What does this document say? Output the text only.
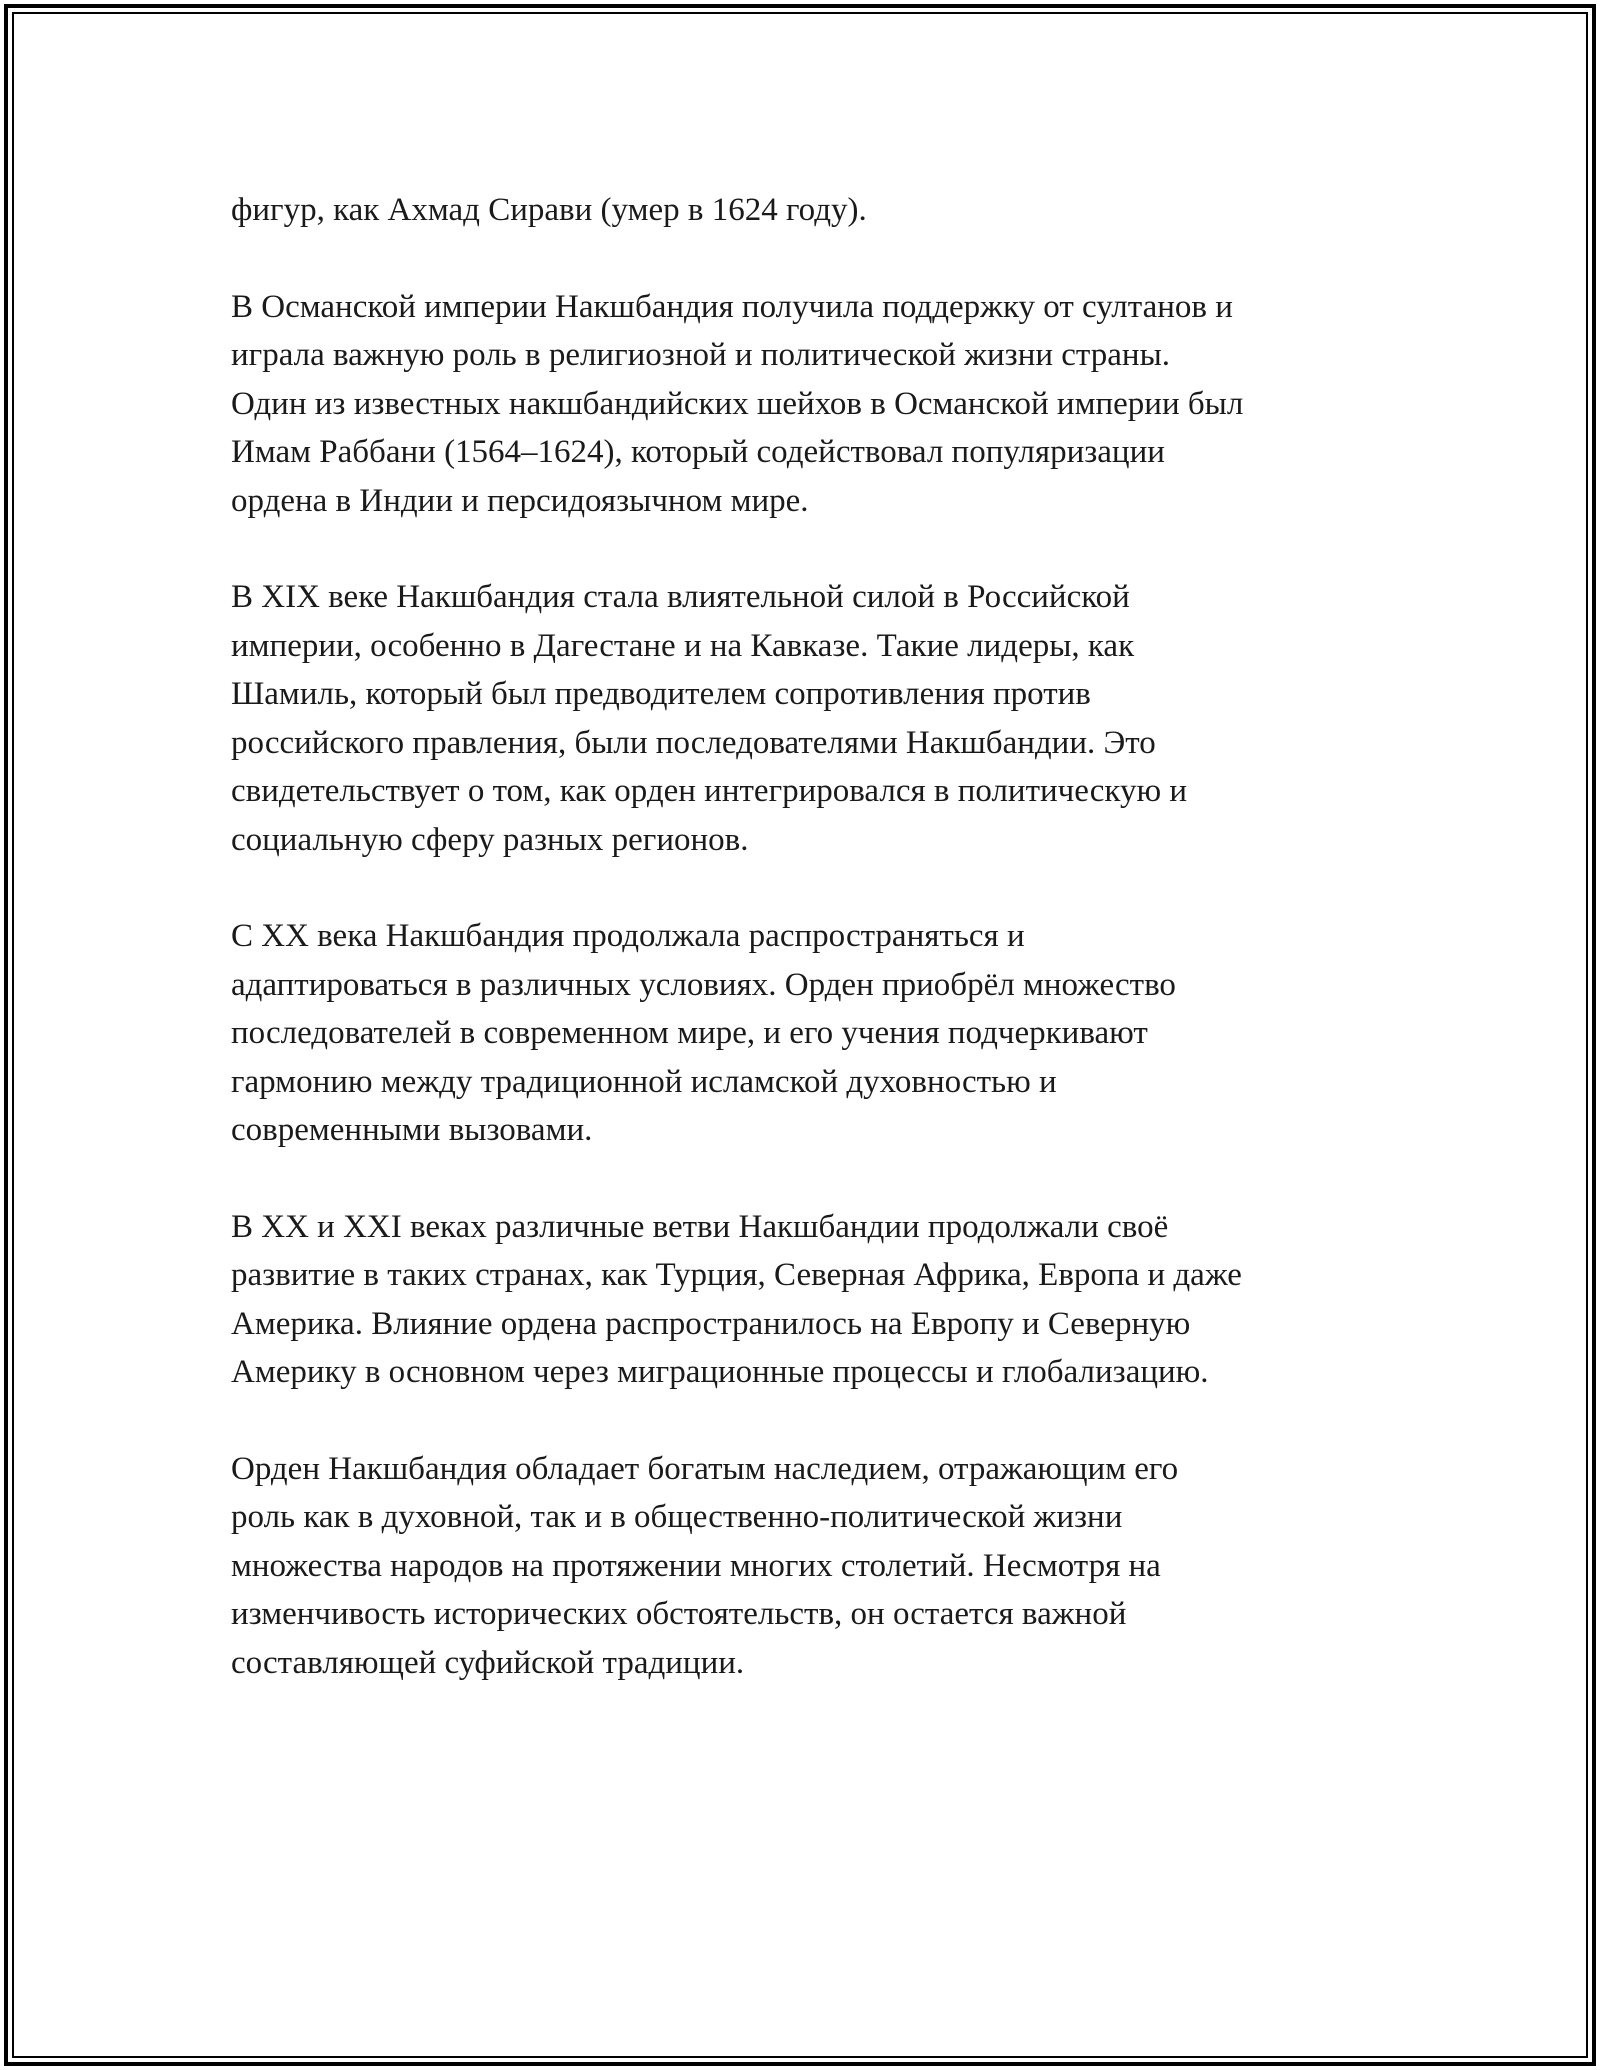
фигур, как Ахмад Сирави (умер в 1624 году).

В Османской империи Накшбандия получила поддержку от султанов и
играла важную роль в религиозной и политической жизни страны.
Один из известных накшбандийских шейхов в Османской империи был
Имам Раббани (1564–1624), который содействовал популяризации
ордена в Индии и персидоязычном мире.

В XIX веке Накшбандия стала влиятельной силой в Российской
империи, особенно в Дагестане и на Кавказе. Такие лидеры, как
Шамиль, который был предводителем сопротивления против
российского правления, были последователями Накшбандии. Это
свидетельствует о том, как орден интегрировался в политическую и
социальную сферу разных регионов.

С XX века Накшбандия продолжала распространяться и
адаптироваться в различных условиях. Орден приобрёл множество
последователей в современном мире, и его учения подчеркивают
гармонию между традиционной исламской духовностью и
современными вызовами.

В XX и XXI веках различные ветви Накшбандии продолжали своё
развитие в таких странах, как Турция, Северная Африка, Европа и даже
Америка. Влияние ордена распространилось на Европу и Северную
Америку в основном через миграционные процессы и глобализацию.

Орден Накшбандия обладает богатым наследием, отражающим его
роль как в духовной, так и в общественно-политической жизни
множества народов на протяжении многих столетий. Несмотря на
изменчивость исторических обстоятельств, он остается важной
составляющей суфийской традиции.
